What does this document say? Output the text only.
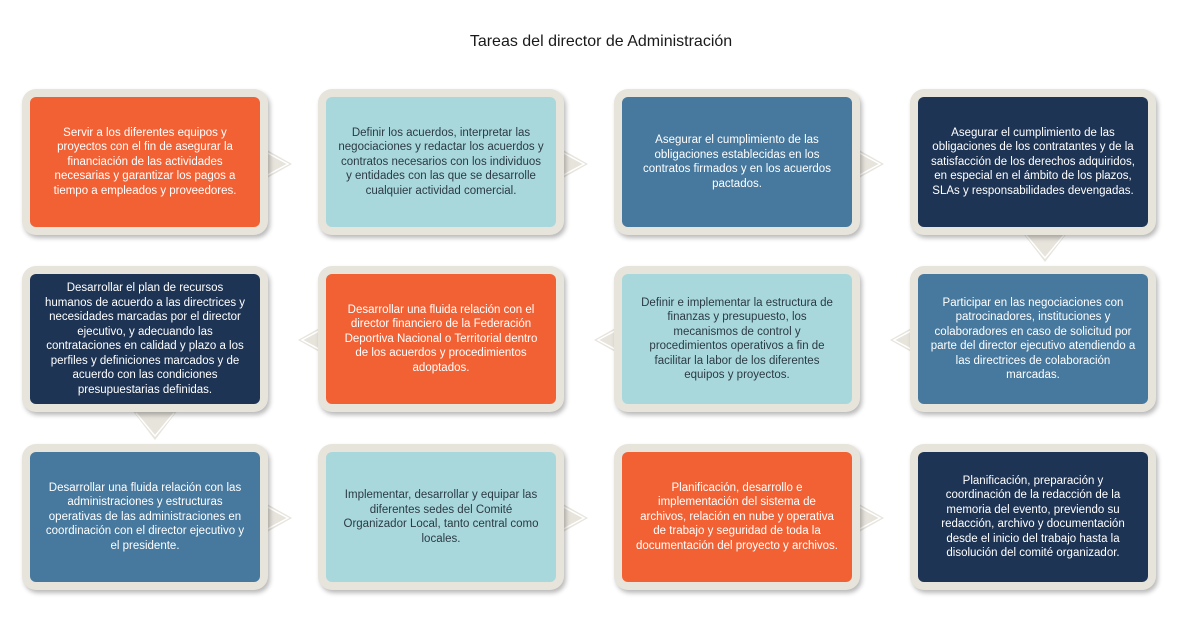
Tareas del director de Administración
Servir a los diferentes equipos y proyectos con el fin de asegurar la financiación de las actividades necesarias y garantizar los pagos a tiempo a empleados y proveedores.
Definir los acuerdos, interpretar las negociaciones y redactar los acuerdos y contratos necesarios con los individuos y entidades con las que se desarrolle cualquier actividad comercial.
Asegurar el cumplimiento de las obligaciones establecidas en los contratos firmados y en los acuerdos pactados.
Asegurar el cumplimiento de las obligaciones de los contratantes y de la satisfacción de los derechos adquiridos, en especial en el ámbito de los plazos, SLAs y responsabilidades devengadas.
Participar en las negociaciones con patrocinadores, instituciones y colaboradores en caso de solicitud por parte del director ejecutivo atendiendo a las directrices de colaboración marcadas.
Definir e implementar la estructura de finanzas y presupuesto, los mecanismos de control y procedimientos operativos a fin de facilitar la labor de los diferentes equipos y proyectos.
Desarrollar una fluida relación con el director financiero de la Federación Deportiva Nacional o Territorial dentro de los acuerdos y procedimientos adoptados.
Desarrollar el plan de recursos humanos de acuerdo a las directrices y necesidades marcadas por el director ejecutivo, y adecuando las contrataciones en calidad y plazo a los perfiles y definiciones marcados y de acuerdo con las condiciones presupuestarias definidas.
Desarrollar una fluida relación con las administraciones y estructuras operativas de las administraciones en coordinación con el director ejecutivo y el presidente.
Implementar, desarrollar y equipar las diferentes sedes del Comité Organizador Local, tanto central como locales.
Planificación, desarrollo e implementación del sistema de archivos, relación en nube y operativa de trabajo y seguridad de toda la documentación del proyecto y archivos.
Planificación, preparación y coordinación de la redacción de la memoria del evento, previendo su redacción, archivo y documentación desde el inicio del trabajo hasta la disolución del comité organizador.
